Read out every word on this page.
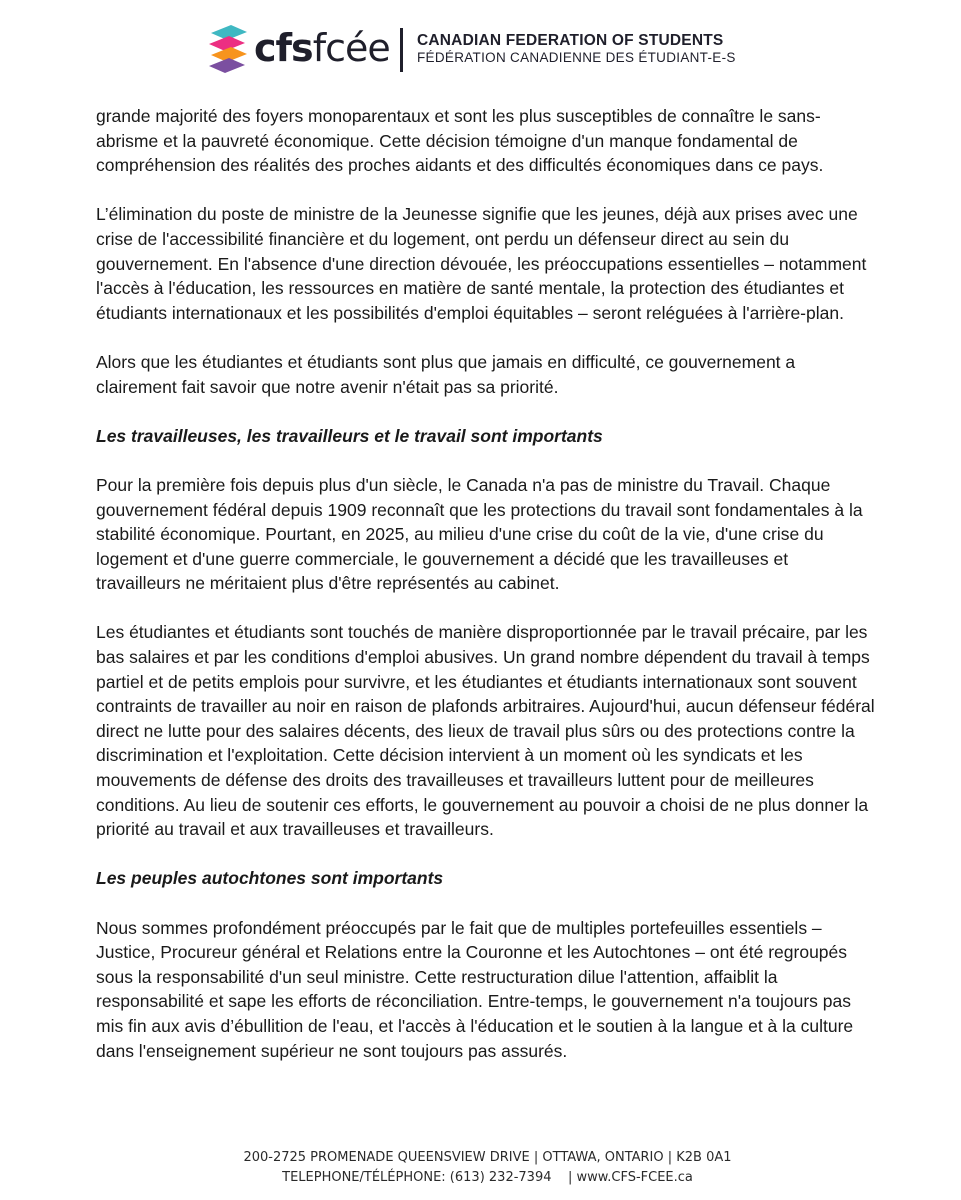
cfsfcée CANADIAN FEDERATION OF STUDENTS
FÉDÉRATION CANADIENNE DES ÉTUDIANT-E-S

grande majorité des foyers monoparentaux et sont les plus susceptibles de connaître le sans-abrisme et la pauvreté économique. Cette décision témoigne d'un manque fondamental de compréhension des réalités des proches aidants et des difficultés économiques dans ce pays.

L’élimination du poste de ministre de la Jeunesse signifie que les jeunes, déjà aux prises avec une crise de l'accessibilité financière et du logement, ont perdu un défenseur direct au sein du gouvernement. En l'absence d'une direction dévouée, les préoccupations essentielles – notamment l'accès à l'éducation, les ressources en matière de santé mentale, la protection des étudiantes et étudiants internationaux et les possibilités d'emploi équitables – seront reléguées à l'arrière-plan.

Alors que les étudiantes et étudiants sont plus que jamais en difficulté, ce gouvernement a clairement fait savoir que notre avenir n'était pas sa priorité.

Les travailleuses, les travailleurs et le travail sont importants

Pour la première fois depuis plus d'un siècle, le Canada n'a pas de ministre du Travail. Chaque gouvernement fédéral depuis 1909 reconnaît que les protections du travail sont fondamentales à la stabilité économique. Pourtant, en 2025, au milieu d'une crise du coût de la vie, d'une crise du logement et d'une guerre commerciale, le gouvernement a décidé que les travailleuses et travailleurs ne méritaient plus d'être représentés au cabinet.

Les étudiantes et étudiants sont touchés de manière disproportionnée par le travail précaire, par les bas salaires et par les conditions d'emploi abusives. Un grand nombre dépendent du travail à temps partiel et de petits emplois pour survivre, et les étudiantes et étudiants internationaux sont souvent contraints de travailler au noir en raison de plafonds arbitraires. Aujourd'hui, aucun défenseur fédéral direct ne lutte pour des salaires décents, des lieux de travail plus sûrs ou des protections contre la discrimination et l'exploitation. Cette décision intervient à un moment où les syndicats et les mouvements de défense des droits des travailleuses et travailleurs luttent pour de meilleures conditions. Au lieu de soutenir ces efforts, le gouvernement au pouvoir a choisi de ne plus donner la priorité au travail et aux travailleuses et travailleurs.

Les peuples autochtones sont importants

Nous sommes profondément préoccupés par le fait que de multiples portefeuilles essentiels – Justice, Procureur général et Relations entre la Couronne et les Autochtones – ont été regroupés sous la responsabilité d'un seul ministre. Cette restructuration dilue l'attention, affaiblit la responsabilité et sape les efforts de réconciliation. Entre-temps, le gouvernement n'a toujours pas mis fin aux avis d’ébullition de l'eau, et l'accès à l'éducation et le soutien à la langue et à la culture dans l'enseignement supérieur ne sont toujours pas assurés.

200-2725 PROMENADE QUEENSVIEW DRIVE | OTTAWA, ONTARIO | K2B 0A1
TELEPHONE/TÉLÉPHONE: (613) 232-7394    | www.CFS-FCEE.ca
